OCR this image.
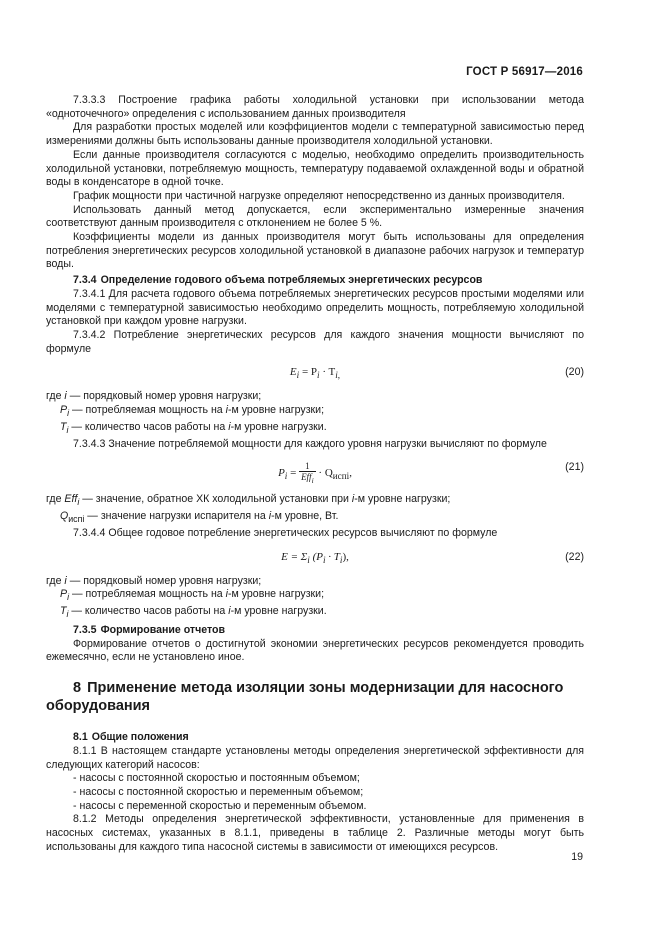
ГОСТ Р 56917—2016

7.3.3.3 Построение графика работы холодильной установки при использовании метода «одноточечного» определения с использованием данных производителя

Для разработки простых моделей или коэффициентов модели с температурной зависимостью перед измерениями должны быть использованы данные производителя холодильной установки.

Если данные производителя согласуются с моделью, необходимо определить производительность холодильной установки, потребляемую мощность, температуру подаваемой охлажденной воды и обратной воды в конденсаторе в одной точке.

График мощности при частичной нагрузке определяют непосредственно из данных производителя.

Использовать данный метод допускается, если экспериментально измеренные значения соответствуют данным производителя с отклонением не более 5 %.

Коэффициенты модели из данных производителя могут быть использованы для определения потребления энергетических ресурсов холодильной установкой в диапазоне рабочих нагрузок и температур воды.

7.3.4 Определение годового объема потребляемых энергетических ресурсов

7.3.4.1 Для расчета годового объема потребляемых энергетических ресурсов простыми моделями или моделями с температурной зависимостью необходимо определить мощность, потребляемую холодильной установкой при каждом уровне нагрузки.

7.3.4.2 Потребление энергетических ресурсов для каждого значения мощности вычисляют по формуле

$E_i = P_i \cdot T_{i,}$	(20)

где i — порядковый номер уровня нагрузки;

$P_i$ — потребляемая мощность на i-м уровне нагрузки;

$T_i$ — количество часов работы на i-м уровне нагрузки.

7.3.4.3 Значение потребляемой мощности для каждого уровня нагрузки вычисляют по формуле

$P_i = \frac{1}{Eff_i} \cdot Q_{испi}$,	(21)

где Eff$_i$ — значение, обратное ХК холодильной установки при i-м уровне нагрузки;

$Q_{испi}$ — значение нагрузки испарителя на i-м уровне, Вт.

7.3.4.4 Общее годовое потребление энергетических ресурсов вычисляют по формуле

$E = \Sigma_i$ $(P_i \cdot T_i)$,	(22)

где i — порядковый номер уровня нагрузки;

$P_i$ — потребляемая мощность на i-м уровне нагрузки;

$T_i$ — количество часов работы на i-м уровне нагрузки.

7.3.5 Формирование отчетов

Формирование отчетов о достигнутой экономии энергетических ресурсов рекомендуется проводить ежемесячно, если не установлено иное.

8 Применение метода изоляции зоны модернизации для насосного оборудования

8.1 Общие положения

8.1.1 В настоящем стандарте установлены методы определения энергетической эффективности для следующих категорий насосов:

- насосы с постоянной скоростью и постоянным объемом;

- насосы с постоянной скоростью и переменным объемом;

- насосы с переменной скоростью и переменным объемом.

8.1.2 Методы определения энергетической эффективности, установленные для применения в насосных системах, указанных в 8.1.1, приведены в таблице 2. Различные методы могут быть использованы для каждого типа насосной системы в зависимости от имеющихся ресурсов.

19
